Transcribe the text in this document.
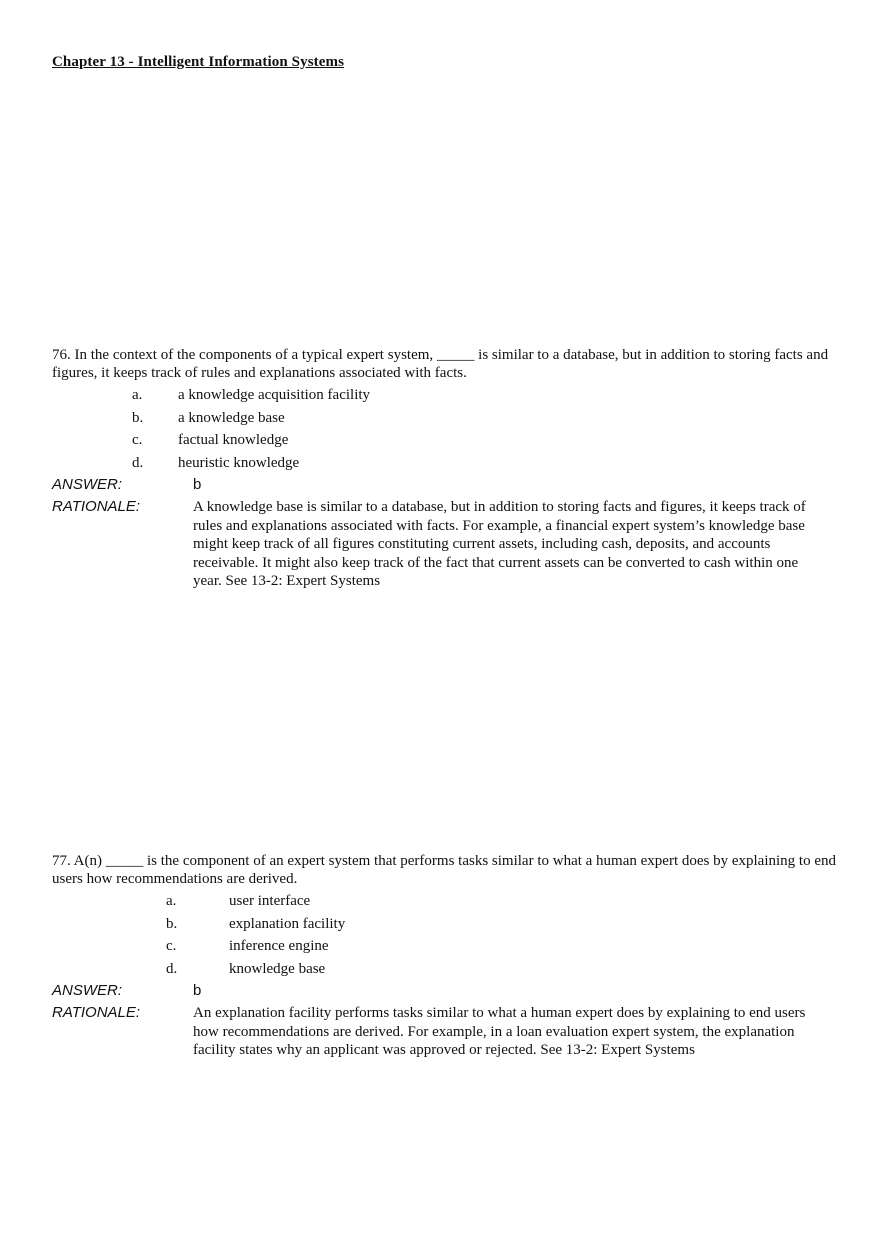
Chapter 13 - Intelligent Information Systems

76. In the context of the components of a typical expert system, _____ is similar to a database, but in addition to storing facts and figures, it keeps track of rules and explanations associated with facts.

a. a knowledge acquisition facility
b. a knowledge base
c. factual knowledge
d. heuristic knowledge
ANSWER:	b
RATIONALE:	A knowledge base is similar to a database, but in addition to storing facts and figures, it keeps track of rules and explanations associated with facts. For example, a financial expert system’s knowledge base might keep track of all figures constituting current assets, including cash, deposits, and accounts receivable. It might also keep track of the fact that current assets can be converted to cash within one year. See 13-2: Expert Systems

77. A(n) _____ is the component of an expert system that performs tasks similar to what a human expert does by explaining to end users how recommendations are derived.

a.	user interface
b.	explanation facility
c.	inference engine
d.	knowledge base
ANSWER:	b
RATIONALE:	An explanation facility performs tasks similar to what a human expert does by explaining to end users how recommendations are derived. For example, in a loan evaluation expert system, the explanation facility states why an applicant was approved or rejected. See 13-2: Expert Systems
